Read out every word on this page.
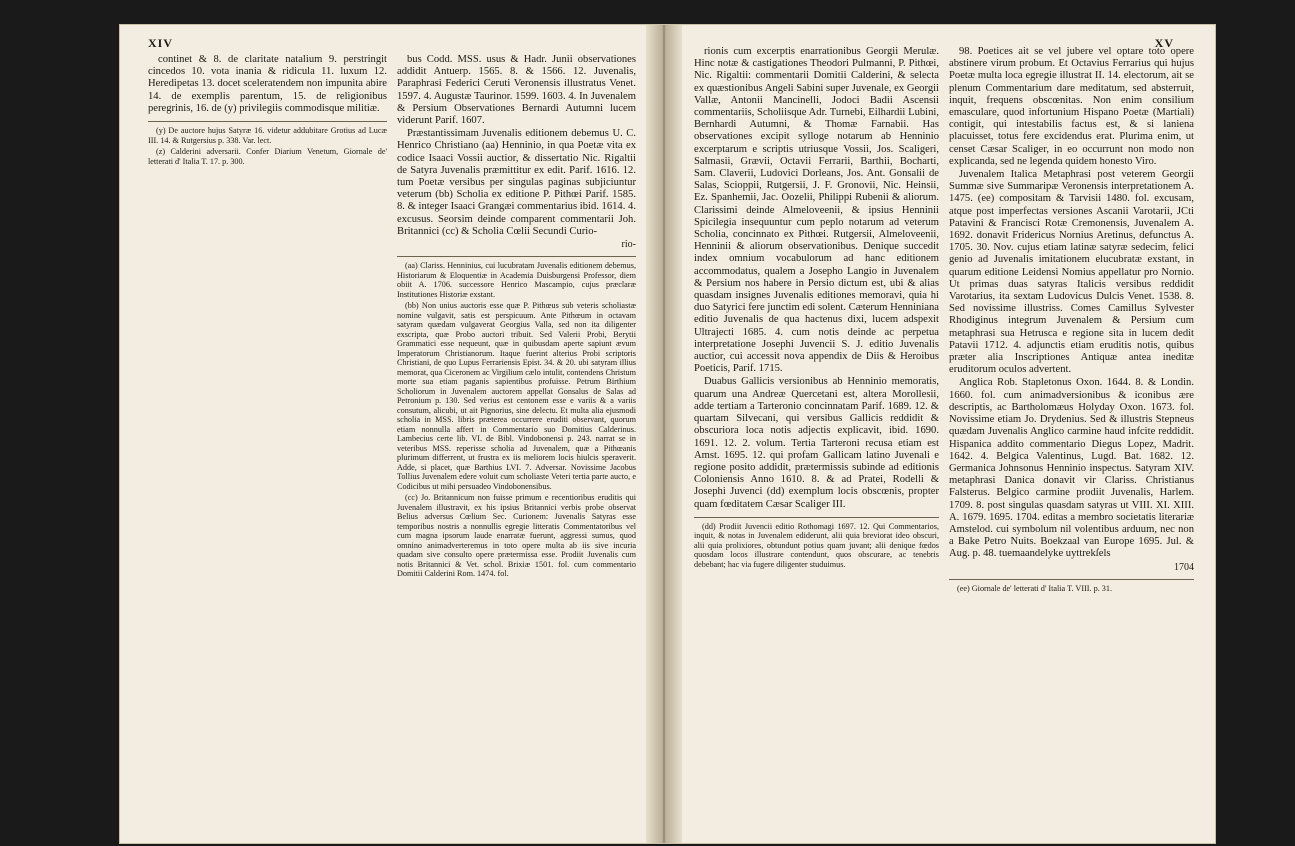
XIV

continet & 8. de claritate natalium 9. perstringit cincedos 10. vota inania & ridicula 11. luxum 12. Heredipetas 13. docet sceleratendem non impunita abire 14. de exemplis parentum, 15. de religionibus peregrinis, 16. de (y) privilegiis commodisque militiæ.

(y) De auctore hujus Satyræ 16. videtur addubitare Grotius ad Lucæ III. 14. & Rutgersius p. 338. Var. lect.

(z) Calderini adversarii. Confer Diarium Venetum, Giornale de' letterati d' Italia T. 17. p. 300.

bus Codd. MSS. usus & Hadr. Junii observationes addidit Antuerp. 1565. 8. & 1566. 12. Juvenalis, Paraphrasi Federici Ceruti Veronensis illustratus Venet. 1597. 4. Augustæ Taurinor. 1599. 1603. 4. In Juvenalem & Persium Observationes Bernardi Autumni lucem viderunt Parif. 1607.

Præstantissimam Juvenalis editionem debemus U. C. Henrico Christiano (aa) Henninio, in qua Poetæ vita ex codice Isaaci Vossii auctior, & dissertatio Nic. Rigaltii de Satyra Juvenalis præmittitur ex edit. Parif. 1616. 12. tum Poetæ versibus per singulas paginas subjiciuntur veterum (bb) Scholia ex editione P. Pithœi Parif. 1585. 8. & integer Isaaci Grangæi commentarius ibid. 1614. 4. excusus. Seorsim deinde comparent commentarii Joh. Britannici (cc) & Scholia Cœlii Secundi Curio-

rio-

(aa) Clariss. Henninius, cui lucubratam Juvenalis editionem debemus, Historiarum & Eloquentiæ in Academia Duisburgensi Professor, diem obiit A. 1706. successore Henrico Mascampio, cujus præclaræ Institutiones Historiæ exstant.

(bb) Non unius auctoris esse quæ P. Pithœus sub veteris scholiastæ nomine vulgavit, satis est perspicuum. Ante Pithœum in octavam satyram quædam vulgaverat Georgius Valla, sed non ita diligenter exscripta, quæ Probo auctori tribuit. Sed Valerii Probi, Berytii Grammatici esse nequeunt, quæ in quibusdam aperte sapiunt ævum Imperatorum Christianorum. Itaque fuerint alterius Probi scriptoris Christiani, de quo Lupus Ferrariensis Epist. 34. & 20. ubi satyram illius memorat, qua Ciceronem ac Virgilium cælo intulit, contendens Christum morte sua etiam paganis sapientibus profuisse. Petrum Birthium Scholiorum in Juvenalem auctorem appellat Gonsalus de Salas ad Petronium p. 130. Sed verius est centonem esse e variis & a variis consutum, alicubi, ut ait Pignorius, sine delectu. Et multa alia ejusmodi scholia in MSS. libris præterea occurrere eruditi observant, quorum etiam nonnulla affert in Commentario suo Domitius Calderinus. Lambecius certe lib. VI. de Bibl. Vindobonensi p. 243. narrat se in veteribus MSS. reperisse scholia ad Juvenalem, quæ a Pithœanis plurimum differrent, ut frustra ex iis meliorem locis hiulcis speraverit. Adde, si placet, quæ Barthius LVI. 7. Adversar. Novissime Jacobus Tollius Juvenalem edere voluit cum scholiaste Veteri tertia parte aucto, e Codicibus ut mihi persuadeo Vindobonensibus.

(cc) Jo. Britannicum non fuisse primum e recentioribus eruditis qui Juvenalem illustravit, ex his ipsius Britannici verbis probe observat Belius adversus Cœlium Sec. Curionem: Juvenalis Satyras esse temporibus nostris a nonnullis egregie litteratis Commentatoribus vel cum magna ipsorum laude enarratæ fuerunt, aggressi sumus, quod omnino animadverteremus in toto opere multa ab iis sive incuria quadam sive consulto opere prætermissa esse. Prodiit Juvenalis cum notis Britannici & Vet. schol. Brixiæ 1501. fol. cum commentario Domitii Calderini Rom. 1474. fol.

XV

rionis cum excerptis enarrationibus Georgii Merulæ. Hinc notæ & castigationes Theodori Pulmanni, P. Pithœi, Nic. Rigaltii: commentarii Domitii Calderini, & selecta ex quæstionibus Angeli Sabini super Juvenale, ex Georgii Vallæ, Antonii Mancinelli, Jodoci Badii Ascensii commentariis, Scholiisque Adr. Turnebi, Eilhardii Lubini, Bernhardi Autumni, & Thomæ Farnabii. Has observationes excipit sylloge notarum ab Henninio excerptarum e scriptis utriusque Vossii, Jos. Scaligeri, Salmasii, Grævii, Octavii Ferrarii, Barthii, Bocharti, Sam. Claverii, Ludovici Dorleans, Jos. Ant. Gonsalii de Salas, Scioppii, Rutgersii, J. F. Gronovii, Nic. Heinsii, Ez. Spanhemii, Jac. Oozelii, Philippi Rubenii & aliorum. Clarissimi deinde Almeloveenii, & ipsius Henninii Spicilegia insequuntur cum peplo notarum ad veterum Scholia, concinnato ex Pithœi. Rutgersii, Almeloveenii, Henninii & aliorum observationibus. Denique succedit index omnium vocabulorum ad hanc editionem accommodatus, qualem a Josepho Langio in Juvenalem & Persium nos habere in Persio dictum est, ubi & alias quasdam insignes Juvenalis editiones memoravi, quia hi duo Satyrici fere junctim edi solent. Cæterum Henniniana editio Juvenalis de qua hactenus dixi, lucem adspexit Ultrajecti 1685. 4. cum notis deinde ac perpetua interpretatione Josephi Juvencii S. J. editio Juvenalis auctior, cui accessit nova appendix de Diis & Heroibus Poeticis, Parif. 1715.

Duabus Gallicis versionibus ab Henninio memoratis, quarum una Andreæ Quercetani est, altera Morollesii, adde tertiam a Tarteronio concinnatam Parif. 1689. 12. & quartam Silvecani, qui versibus Gallicis reddidit & obscuriora loca notis adjectis explicavit, ibid. 1690. 1691. 12. 2. volum. Tertia Tarteroni recusa etiam est Amst. 1695. 12. qui profam Gallicam latino Juvenali e regione posito addidit, prætermissis subinde ad editionis Coloniensis Anno 1610. 8. & ad Pratei, Rodelli & Josephi Juvenci (dd) exemplum locis obscœnis, propter quam fœditatem Cæsar Scaliger III.

(dd) Prodiit Juvencii editio Rothomagi 1697. 12. Qui Commentarios, inquit, & notas in Juvenalem ediderunt, alii quia breviorat ideo obscuri, alii quia prolixiores, obtundunt potius quam juvant; alii denique fœdos quosdam locos illustrare contendunt, quos obscurare, ac tenebris debebant; hac via fugere diligenter studuimus.

98. Poetices ait se vel jubere vel optare toto opere abstinere virum probum. Et Octavius Ferrarius qui hujus Poetæ multa loca egregie illustrat II. 14. electorum, ait se plenum Commentarium dare meditatum, sed absterruit, inquit, frequens obscœnitas. Non enim consilium emasculare, quod infortunium Hispano Poetæ (Martiali) contigit, qui intestabilis factus est, & si laniena placuisset, totus fere excidendus erat. Plurima enim, ut censet Cæsar Scaliger, in eo occurrunt non modo non explicanda, sed ne legenda quidem honesto Viro.

Juvenalem Italica Metaphrasi post veterem Georgii Summæ sive Summaripæ Veronensis interpretationem A. 1475. (ee) compositam & Tarvisii 1480. fol. excusam, atque post imperfectas versiones Ascanii Varotarii, JCti Patavini & Francisci Rotæ Cremonensis, Juvenalem A. 1692. donavit Fridericus Nornius Aretinus, defunctus A. 1705. 30. Nov. cujus etiam latinæ satyræ sedecim, felici genio ad Juvenalis imitationem elucubratæ exstant, in quarum editione Leidensi Nomius appellatur pro Nornio. Ut primas duas satyras Italicis versibus reddidit Varotarius, ita sextam Ludovicus Dulcis Venet. 1538. 8. Sed novissime illustriss. Comes Camillus Sylvester Rhodiginus integrum Juvenalem & Persium cum metaphrasi sua Hetrusca e regione sita in lucem dedit Patavii 1712. 4. adjunctis etiam eruditis notis, quibus præter alia Inscriptiones Antiquæ antea ineditæ eruditorum oculos advertent.

Anglica Rob. Stapletonus Oxon. 1644. 8. & Londin. 1660. fol. cum animadversionibus & iconibus ære descriptis, ac Bartholomæus Holyday Oxon. 1673. fol. Novissime etiam Jo. Drydenius. Sed & illustris Stepneus quædam Juvenalis Anglico carmine haud infcite reddidit. Hispanica addito commentario Diegus Lopez, Madrit. 1642. 4. Belgica Valentinus, Lugd. Bat. 1682. 12. Germanica Johnsonus Henninio inspectus. Satyram XIV. metaphrasi Danica donavit vir Clariss. Christianus Falsterus. Belgico carmine prodiit Juvenalis, Harlem. 1709. 8. post singulas quasdam satyras ut VIII. XI. XIII. A. 1679. 1695. 1704. editas a membro societatis literariæ Amstelod. cui symbolum nil volentibus arduum, nec non a Bake Petro Nuits. Boekzaal van Europe 1695. Jul. & Aug. p. 48. tuemaandelyke uyttrekſels

1704

(ee) Giornale de' letterati d' Italia T. VIII. p. 31.
